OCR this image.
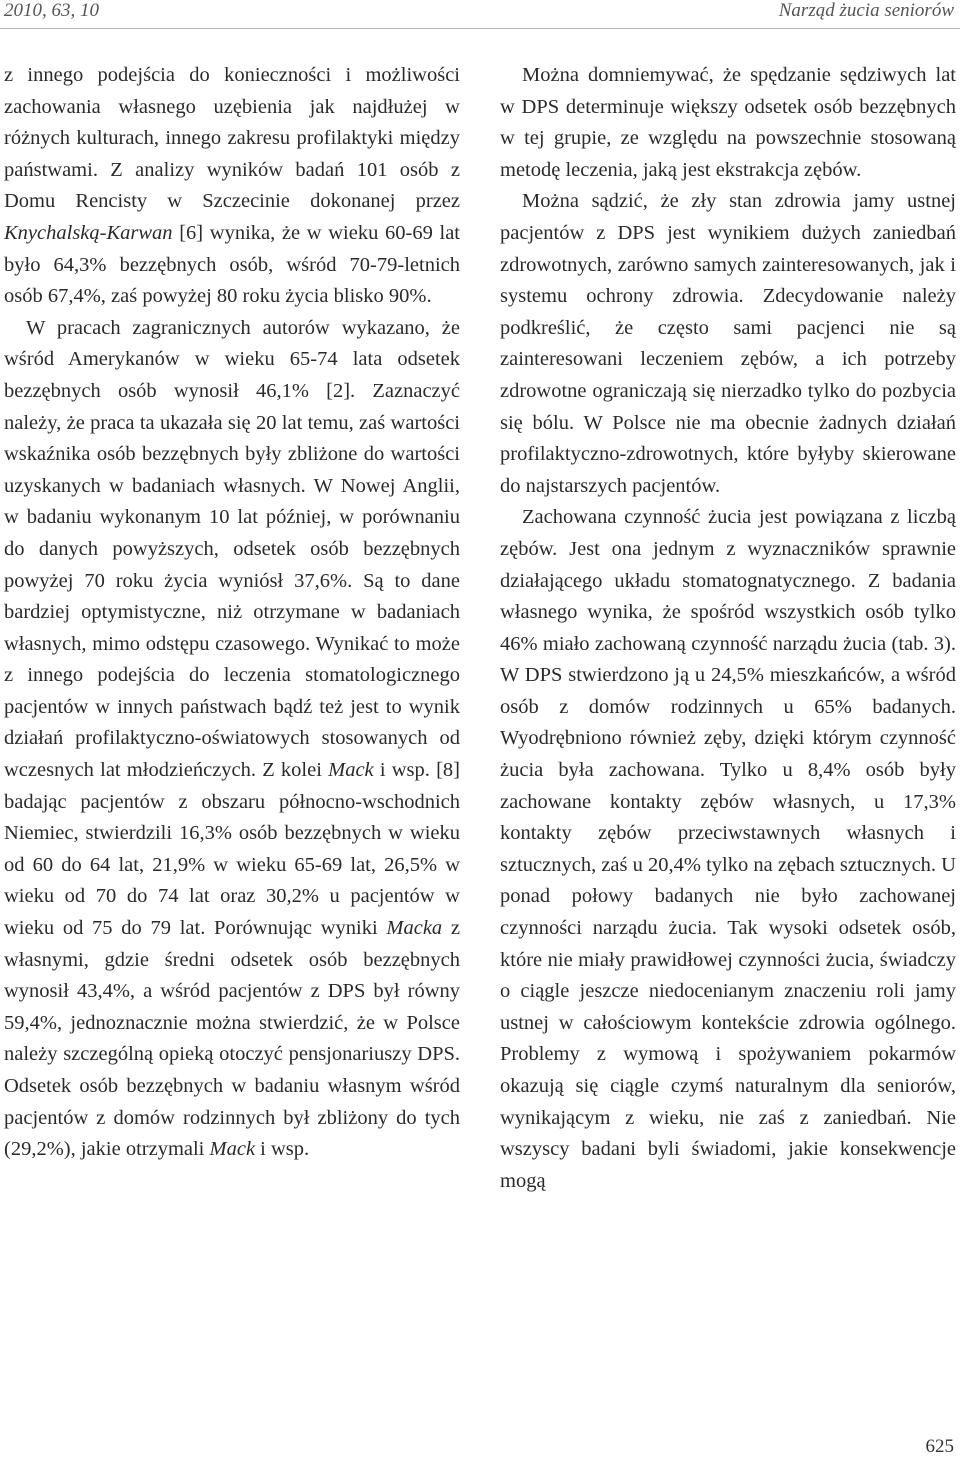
2010, 63, 10	Narząd żucia seniorów

z innego podejścia do konieczności i możliwości zachowania własnego uzębienia jak najdłużej w różnych kulturach, innego zakresu profilaktyki między państwami. Z analizy wyników badań 101 osób z Domu Rencisty w Szczecinie dokonanej przez Knychalską-Karwan [6] wynika, że w wieku 60-69 lat było 64,3% bezzębnych osób, wśród 70-79-letnich osób 67,4%, zaś powyżej 80 roku życia blisko 90%.

W pracach zagranicznych autorów wykazano, że wśród Amerykanów w wieku 65-74 lata odsetek bezzębnych osób wynosił 46,1% [2]. Zaznaczyć należy, że praca ta ukazała się 20 lat temu, zaś wartości wskaźnika osób bezzębnych były zbliżone do wartości uzyskanych w badaniach własnych. W Nowej Anglii, w badaniu wykonanym 10 lat później, w porównaniu do danych powyższych, odsetek osób bezzębnych powyżej 70 roku życia wyniósł 37,6%. Są to dane bardziej optymistyczne, niż otrzymane w badaniach własnych, mimo odstępu czasowego. Wynikać to może z innego podejścia do leczenia stomatologicznego pacjentów w innych państwach bądź też jest to wynik działań profilaktyczno-oświatowych stosowanych od wczesnych lat młodzieńczych. Z kolei Mack i wsp. [8] badając pacjentów z obszaru północno-wschodnich Niemiec, stwierdzili 16,3% osób bezzębnych w wieku od 60 do 64 lat, 21,9% w wieku 65-69 lat, 26,5% w wieku od 70 do 74 lat oraz 30,2% u pacjentów w wieku od 75 do 79 lat. Porównując wyniki Macka z własnymi, gdzie średni odsetek osób bezzębnych wynosił 43,4%, a wśród pacjentów z DPS był równy 59,4%, jednoznacznie można stwierdzić, że w Polsce należy szczególną opieką otoczyć pensjonariuszy DPS. Odsetek osób bezzębnych w badaniu własnym wśród pacjentów z domów rodzinnych był zbliżony do tych (29,2%), jakie otrzymali Mack i wsp.

Można domniemywać, że spędzanie sędziwych lat w DPS determinuje większy odsetek osób bezzębnych w tej grupie, ze względu na powszechnie stosowaną metodę leczenia, jaką jest ekstrakcja zębów.

Można sądzić, że zły stan zdrowia jamy ustnej pacjentów z DPS jest wynikiem dużych zaniedbań zdrowotnych, zarówno samych zainteresowanych, jak i systemu ochrony zdrowia. Zdecydowanie należy podkreślić, że często sami pacjenci nie są zainteresowani leczeniem zębów, a ich potrzeby zdrowotne ograniczają się nierzadko tylko do pozbycia się bólu. W Polsce nie ma obecnie żadnych działań profilaktyczno-zdrowotnych, które byłyby skierowane do najstarszych pacjentów.

Zachowana czynność żucia jest powiązana z liczbą zębów. Jest ona jednym z wyznaczników sprawnie działającego układu stomatognatycznego. Z badania własnego wynika, że spośród wszystkich osób tylko 46% miało zachowaną czynność narządu żucia (tab. 3). W DPS stwierdzono ją u 24,5% mieszkańców, a wśród osób z domów rodzinnych u 65% badanych. Wyodrębniono również zęby, dzięki którym czynność żucia była zachowana. Tylko u 8,4% osób były zachowane kontakty zębów własnych, u 17,3% kontakty zębów przeciwstawnych własnych i sztucznych, zaś u 20,4% tylko na zębach sztucznych. U ponad połowy badanych nie było zachowanej czynności narządu żucia. Tak wysoki odsetek osób, które nie miały prawidłowej czynności żucia, świadczy o ciągle jeszcze niedocenianym znaczeniu roli jamy ustnej w całościowym kontekście zdrowia ogólnego. Problemy z wymową i spożywaniem pokarmów okazują się ciągle czymś naturalnym dla seniorów, wynikającym z wieku, nie zaś z zaniedbań. Nie wszyscy badani byli świadomi, jakie konsekwencje mogą

625
